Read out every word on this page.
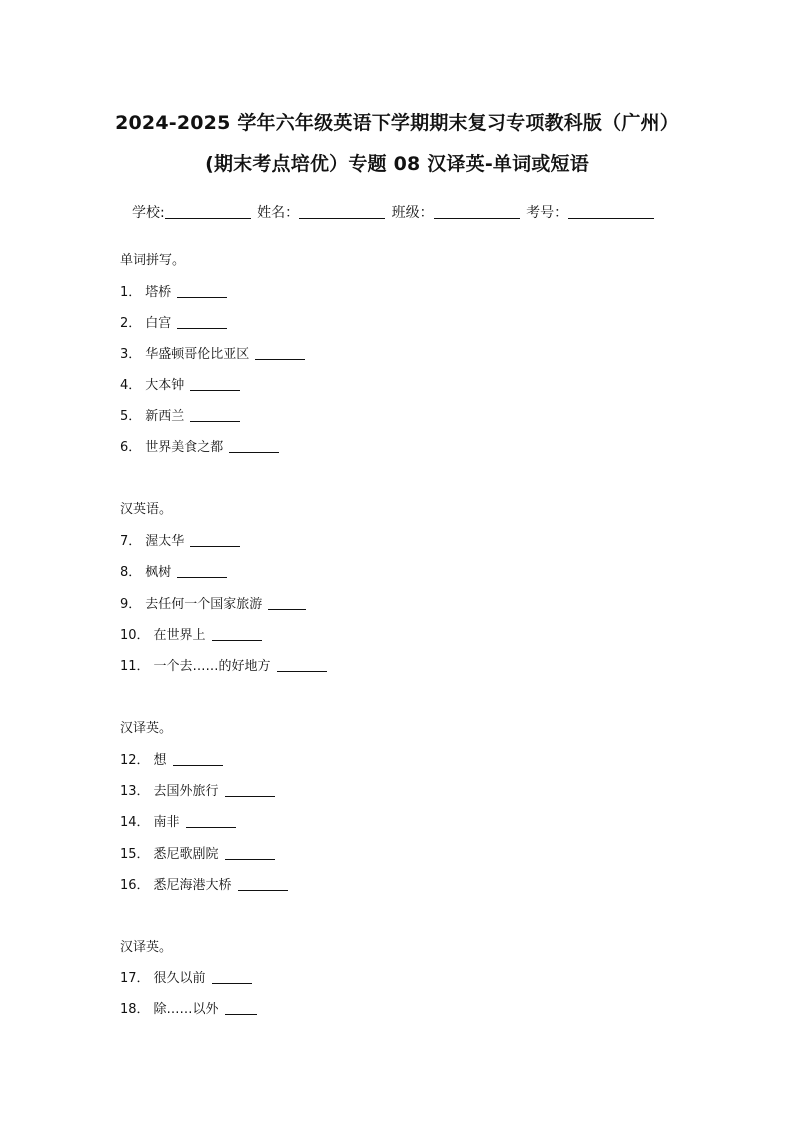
2024-2025 学年六年级英语下学期期末复习专项教科版（广州）
(期末考点培优）专题 08 汉译英-单词或短语
学校:	姓名：	班级：	考号：
单词拼写。
1． 塔桥
2． 白宫
3． 华盛顿哥伦比亚区
4． 大本钟
5． 新西兰
6． 世界美食之都
汉英语。
7． 渥太华
8． 枫树
9． 去任何一个国家旅游
10． 在世界上
11． 一个去……的好地方
汉译英。
12． 想
13． 去国外旅行
14． 南非
15． 悉尼歌剧院
16． 悉尼海港大桥
汉译英。
17． 很久以前
18． 除……以外
